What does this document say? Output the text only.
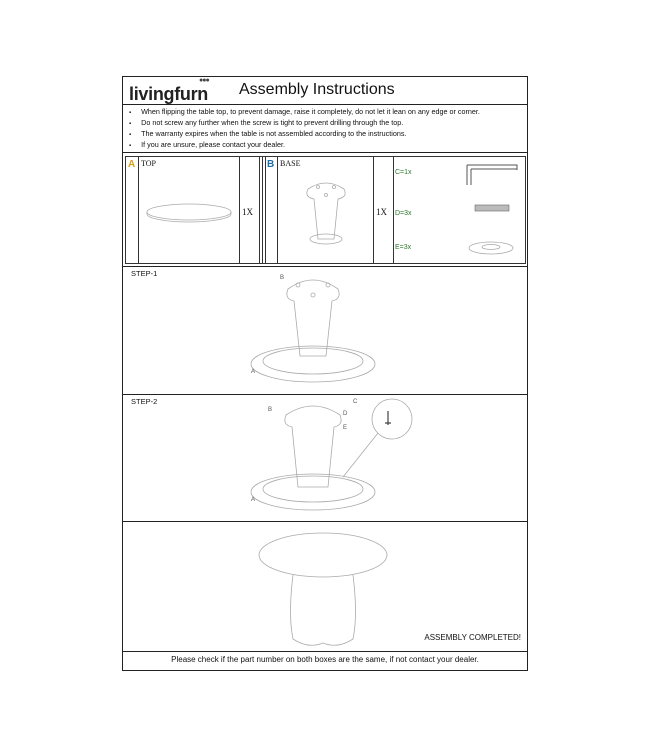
livingfurn
●●●
Assembly Instructions
▪ When flipping the table top, to prevent damage, raise it completely, do not let it lean on any edge or corner.
▪ Do not screw any further when the screw is tight to prevent drilling through the top.
▪ The warranty expires when the table is not assembled according to the instructions.
▪ If you are unsure, please contact your dealer.
A TOP
1X
B BASE
1X
C=1x
D=3x
E=3x
STEP-1	B
A
STEP-2
B
A
C
D
E
ASSEMBLY COMPLETED!
Please check if the part number on both boxes are the same, if not contact your dealer.
